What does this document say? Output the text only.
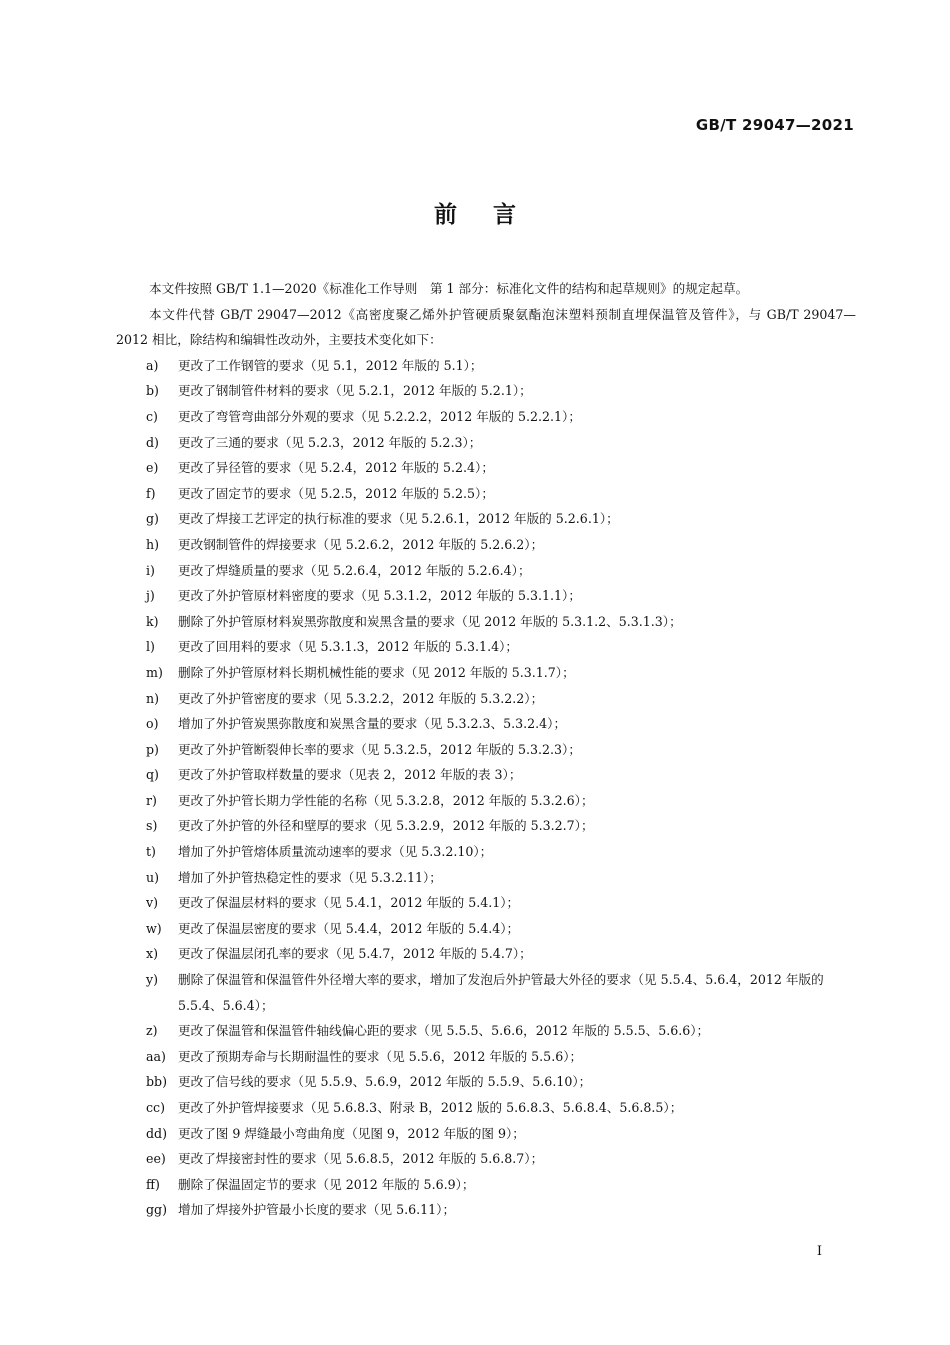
GB/T 29047—2021
前言

本文件按照 GB/T 1.1—2020《标准化工作导则　第 1 部分：标准化文件的结构和起草规则》的规定起草。

本文件代替 GB/T 29047—2012《高密度聚乙烯外护管硬质聚氨酯泡沫塑料预制直埋保温管及管件》，与 GB/T 29047—2012 相比，除结构和编辑性改动外，主要技术变化如下：

a)	更改了工作钢管的要求（见 5.1，2012 年版的 5.1）；
b)	更改了钢制管件材料的要求（见 5.2.1，2012 年版的 5.2.1）；
c)	更改了弯管弯曲部分外观的要求（见 5.2.2.2，2012 年版的 5.2.2.1）；
d)	更改了三通的要求（见 5.2.3，2012 年版的 5.2.3）；
e)	更改了异径管的要求（见 5.2.4，2012 年版的 5.2.4）；
f)	更改了固定节的要求（见 5.2.5，2012 年版的 5.2.5）；
g)	更改了焊接工艺评定的执行标准的要求（见 5.2.6.1，2012 年版的 5.2.6.1）；
h)	更改钢制管件的焊接要求（见 5.2.6.2，2012 年版的 5.2.6.2）；
i)	更改了焊缝质量的要求（见 5.2.6.4，2012 年版的 5.2.6.4）；
j)	更改了外护管原材料密度的要求（见 5.3.1.2，2012 年版的 5.3.1.1）；
k)	删除了外护管原材料炭黑弥散度和炭黑含量的要求（见 2012 年版的 5.3.1.2、5.3.1.3）；
l)	更改了回用料的要求（见 5.3.1.3，2012 年版的 5.3.1.4）；
m)	删除了外护管原材料长期机械性能的要求（见 2012 年版的 5.3.1.7）；
n)	更改了外护管密度的要求（见 5.3.2.2，2012 年版的 5.3.2.2）；
o)	增加了外护管炭黑弥散度和炭黑含量的要求（见 5.3.2.3、5.3.2.4）；
p)	更改了外护管断裂伸长率的要求（见 5.3.2.5，2012 年版的 5.3.2.3）；
q)	更改了外护管取样数量的要求（见表 2，2012 年版的表 3）；
r)	更改了外护管长期力学性能的名称（见 5.3.2.8，2012 年版的 5.3.2.6）；
s)	更改了外护管的外径和壁厚的要求（见 5.3.2.9，2012 年版的 5.3.2.7）；
t)	增加了外护管熔体质量流动速率的要求（见 5.3.2.10）；
u)	增加了外护管热稳定性的要求（见 5.3.2.11）；
v)	更改了保温层材料的要求（见 5.4.1，2012 年版的 5.4.1）；
w)	更改了保温层密度的要求（见 5.4.4，2012 年版的 5.4.4）；
x)	更改了保温层闭孔率的要求（见 5.4.7，2012 年版的 5.4.7）；
y)	删除了保温管和保温管件外径增大率的要求，增加了发泡后外护管最大外径的要求（见 5.5.4、5.6.4，2012 年版的 5.5.4、5.6.4）；
z)	更改了保温管和保温管件轴线偏心距的要求（见 5.5.5、5.6.6，2012 年版的 5.5.5、5.6.6）；
aa) 更改了预期寿命与长期耐温性的要求（见 5.5.6，2012 年版的 5.5.6）；
bb) 更改了信号线的要求（见 5.5.9、5.6.9，2012 年版的 5.5.9、5.6.10）；
cc)	更改了外护管焊接要求（见 5.6.8.3、附录 B，2012 版的 5.6.8.3、5.6.8.4、5.6.8.5）；
dd) 更改了图 9 焊缝最小弯曲角度（见图 9，2012 年版的图 9）；
ee) 更改了焊接密封性的要求（见 5.6.8.5，2012 年版的 5.6.8.7）；
ff)	删除了保温固定节的要求（见 2012 年版的 5.6.9）；
gg) 增加了焊接外护管最小长度的要求（见 5.6.11）；
I
